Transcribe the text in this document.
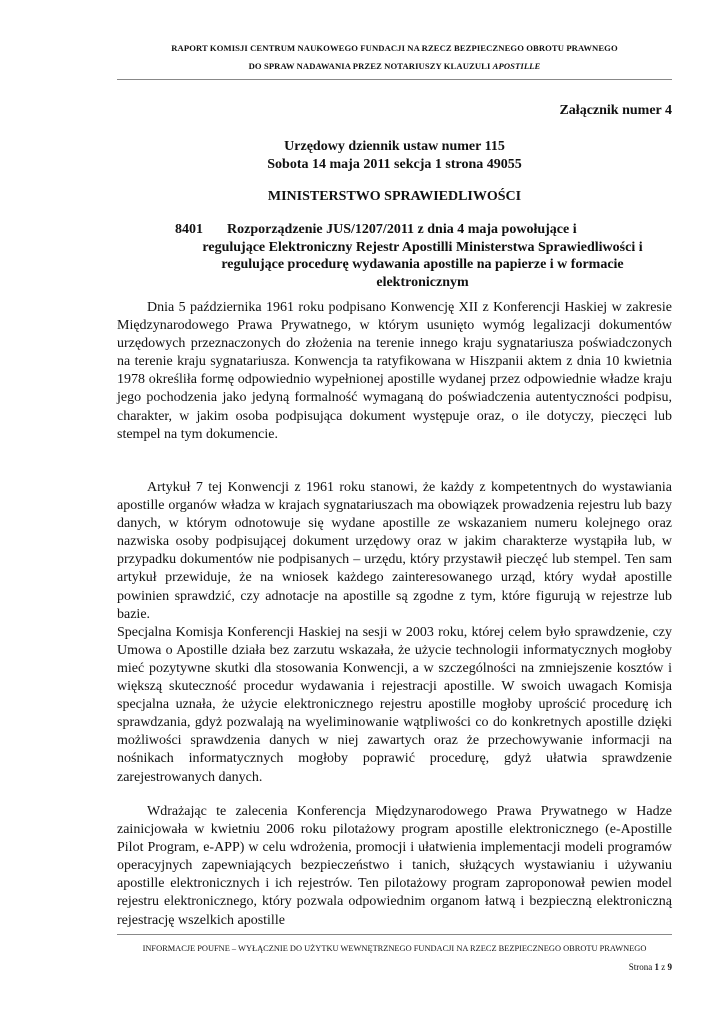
RAPORT KOMISJI CENTRUM NAUKOWEGO FUNDACJI NA RZECZ BEZPIECZNEGO OBROTU PRAWNEGO
DO SPRAW NADAWANIA PRZEZ NOTARIUSZY KLAUZULI APOSTILLE
Załącznik numer 4
Urzędowy dziennik ustaw numer 115
Sobota 14 maja 2011 sekcja 1 strona 49055
MINISTERSTWO SPRAWIEDLIWOŚCI
8401 Rozporządzenie JUS/1207/2011 z dnia 4 maja powołujące i
regulujące Elektroniczny Rejestr Apostilli Ministerstwa Sprawiedliwości i
regulujące procedurę wydawania apostille na papierze i w formacie
elektronicznym

Dnia 5 października 1961 roku podpisano Konwencję XII z Konferencji Haskiej w zakresie Międzynarodowego Prawa Prywatnego, w którym usunięto wymóg legalizacji dokumentów urzędowych przeznaczonych do złożenia na terenie innego kraju sygnatariusza poświadczonych na terenie kraju sygnatariusza. Konwencja ta ratyfikowana w Hiszpanii aktem z dnia 10 kwietnia 1978 określiła formę odpowiednio wypełnionej apostille wydanej przez odpowiednie władze kraju jego pochodzenia jako jedyną formalność wymaganą do poświadczenia autentyczności podpisu, charakter, w jakim osoba podpisująca dokument występuje oraz, o ile dotyczy, pieczęci lub stempel na tym dokumencie.

Artykuł 7 tej Konwencji z 1961 roku stanowi, że każdy z kompetentnych do wystawiania apostille organów władza w krajach sygnatariuszach ma obowiązek prowadzenia rejestru lub bazy danych, w którym odnotowuje się wydane apostille ze wskazaniem numeru kolejnego oraz nazwiska osoby podpisującej dokument urzędowy oraz w jakim charakterze wystąpiła lub, w przypadku dokumentów nie podpisanych – urzędu, który przystawił pieczęć lub stempel. Ten sam artykuł przewiduje, że na wniosek każdego zainteresowanego urząd, który wydał apostille powinien sprawdzić, czy adnotacje na apostille są zgodne z tym, które figurują w rejestrze lub bazie.

Specjalna Komisja Konferencji Haskiej na sesji w 2003 roku, której celem było sprawdzenie, czy Umowa o Apostille działa bez zarzutu wskazała, że użycie technologii informatycznych mogłoby mieć pozytywne skutki dla stosowania Konwencji, a w szczególności na zmniejszenie kosztów i większą skuteczność procedur wydawania i rejestracji apostille. W swoich uwagach Komisja specjalna uznała, że użycie elektronicznego rejestru apostille mogłoby uprościć procedurę ich sprawdzania, gdyż pozwalają na wyeliminowanie wątpliwości co do konkretnych apostille dzięki możliwości sprawdzenia danych w niej zawartych oraz że przechowywanie informacji na nośnikach informatycznych mogłoby poprawić procedurę, gdyż ułatwia sprawdzenie zarejestrowanych danych.

Wdrażając te zalecenia Konferencja Międzynarodowego Prawa Prywatnego w Hadze zainicjowała w kwietniu 2006 roku pilotażowy program apostille elektronicznego (e-Apostille Pilot Program, e-APP) w celu wdrożenia, promocji i ułatwienia implementacji modeli programów operacyjnych zapewniających bezpieczeństwo i tanich, służących wystawianiu i używaniu apostille elektronicznych i ich rejestrów. Ten pilotażowy program zaproponował pewien model rejestru elektronicznego, który pozwala odpowiednim organom łatwą i bezpieczną elektroniczną rejestrację wszelkich apostille

INFORMACJE POUFNE – WYŁĄCZNIE DO UŻYTKU WEWNĘTRZNEGO FUNDACJI NA RZECZ BEZPIECZNEGO OBROTU PRAWNEGO
Strona 1 z 9
